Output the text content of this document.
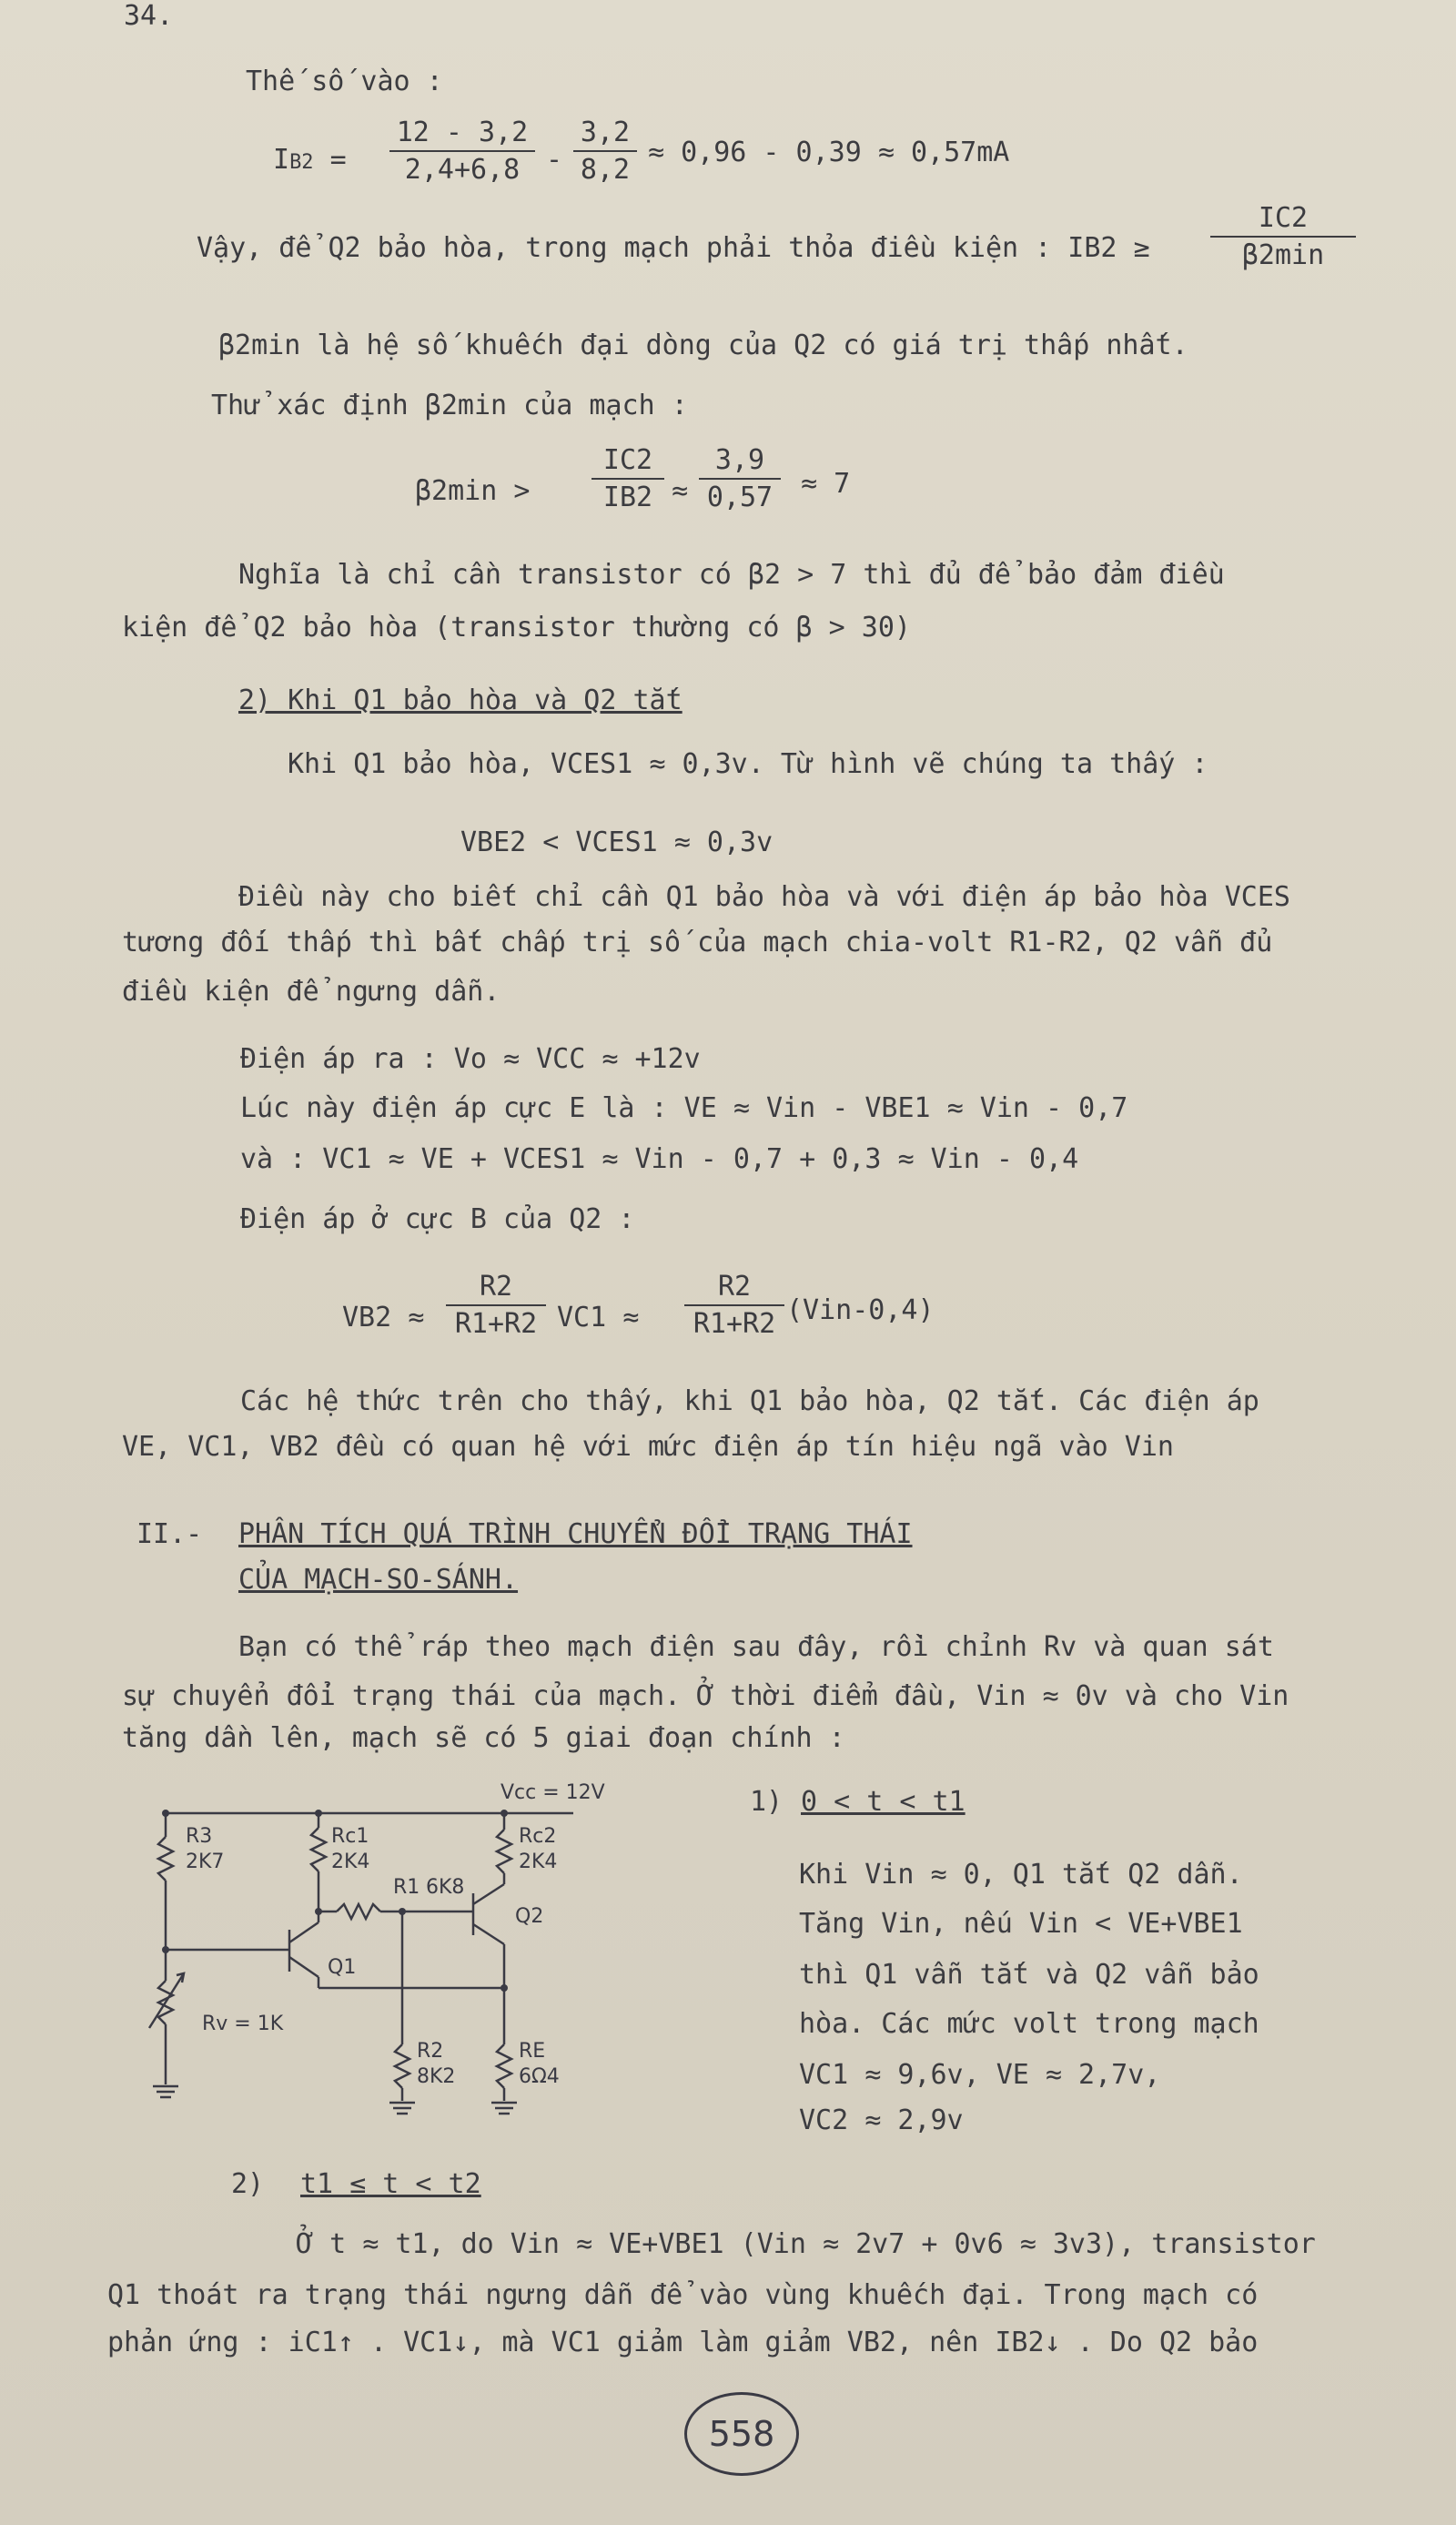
34.
Thế số vào :
IB2 =
12 - 3,2
2,4+6,8 -
3,2
8,2
≈ 0,96 - 0,39 ≈ 0,57mA
Vậy, để Q2 bảo hòa, trong mạch phải thỏa điều kiện : IB2 ≥
IC2
β2min
β2min là hệ số khuếch đại dòng của Q2 có giá trị thấp nhất.
Thử xác định β2min của mạch :
β2min >
IC2
IB2 ≈
3,9
0,57 ≈ 7
Nghĩa là chỉ cần transistor có β2 > 7 thì đủ để bảo đảm điều
kiện để Q2 bảo hòa (transistor thường có β > 30)
2) Khi Q1 bảo hòa và Q2 tắt
Khi Q1 bảo hòa, VCES1 ≈ 0,3v. Từ hình vẽ chúng ta thấy :
VBE2 < VCES1 ≈ 0,3v
Điều này cho biết chỉ cần Q1 bảo hòa và với điện áp bảo hòa VCES
tương đối thấp thì bất chấp trị số của mạch chia-volt R1-R2, Q2 vẫn đủ
điều kiện để ngưng dẫn.
Điện áp ra : Vo ≈ VCC ≈ +12v
Lúc này điện áp cực E là : VE ≈ Vin - VBE1 ≈ Vin - 0,7
và : VC1 ≈ VE + VCES1 ≈ Vin - 0,7 + 0,3 ≈ Vin - 0,4
Điện áp ở cực B của Q2 :
VB2 ≈
R2
R1+R2 VC1 ≈
R2
R1+R2 (Vin-0,4)
Các hệ thức trên cho thấy, khi Q1 bảo hòa, Q2 tắt. Các điện áp
VE, VC1, VB2 đều có quan hệ với mức điện áp tín hiệu ngã vào Vin
II.- PHÂN TÍCH QUÁ TRÌNH CHUYỂN ĐỔI TRẠNG THÁI
CỦA MẠCH-SO-SÁNH.
Bạn có thể ráp theo mạch điện sau đây, rồi chỉnh Rv và quan sát
sự chuyển đổi trạng thái của mạch. Ở thời điểm đầu, Vin ≈ 0v và cho Vin
tăng dần lên, mạch sẽ có 5 giai đoạn chính :
Vcc = 12V
R3
2K7
Rc1
2K4
R1 6K8
Rc2
2K4
Q1
Q2
Rv = 1K
R2
8K2
RE
6Ω4
1) 0 < t < t1
Khi Vin ≈ 0, Q1 tắt Q2 dẫn.
Tăng Vin, nếu Vin < VE+VBE1
thì Q1 vẫn tắt và Q2 vẫn bảo
hòa. Các mức volt trong mạch
VC1 ≈ 9,6v, VE ≈ 2,7v,
VC2 ≈ 2,9v
2) t1 ≤ t < t2
Ở t ≈ t1, do Vin ≈ VE+VBE1 (Vin ≈ 2v7 + 0v6 ≈ 3v3), transistor
Q1 thoát ra trạng thái ngưng dẫn để vào vùng khuếch đại. Trong mạch có
phản ứng : iC1↑ . VC1↓, mà VC1 giảm làm giảm VB2, nên IB2↓ . Do Q2 bảo
558
